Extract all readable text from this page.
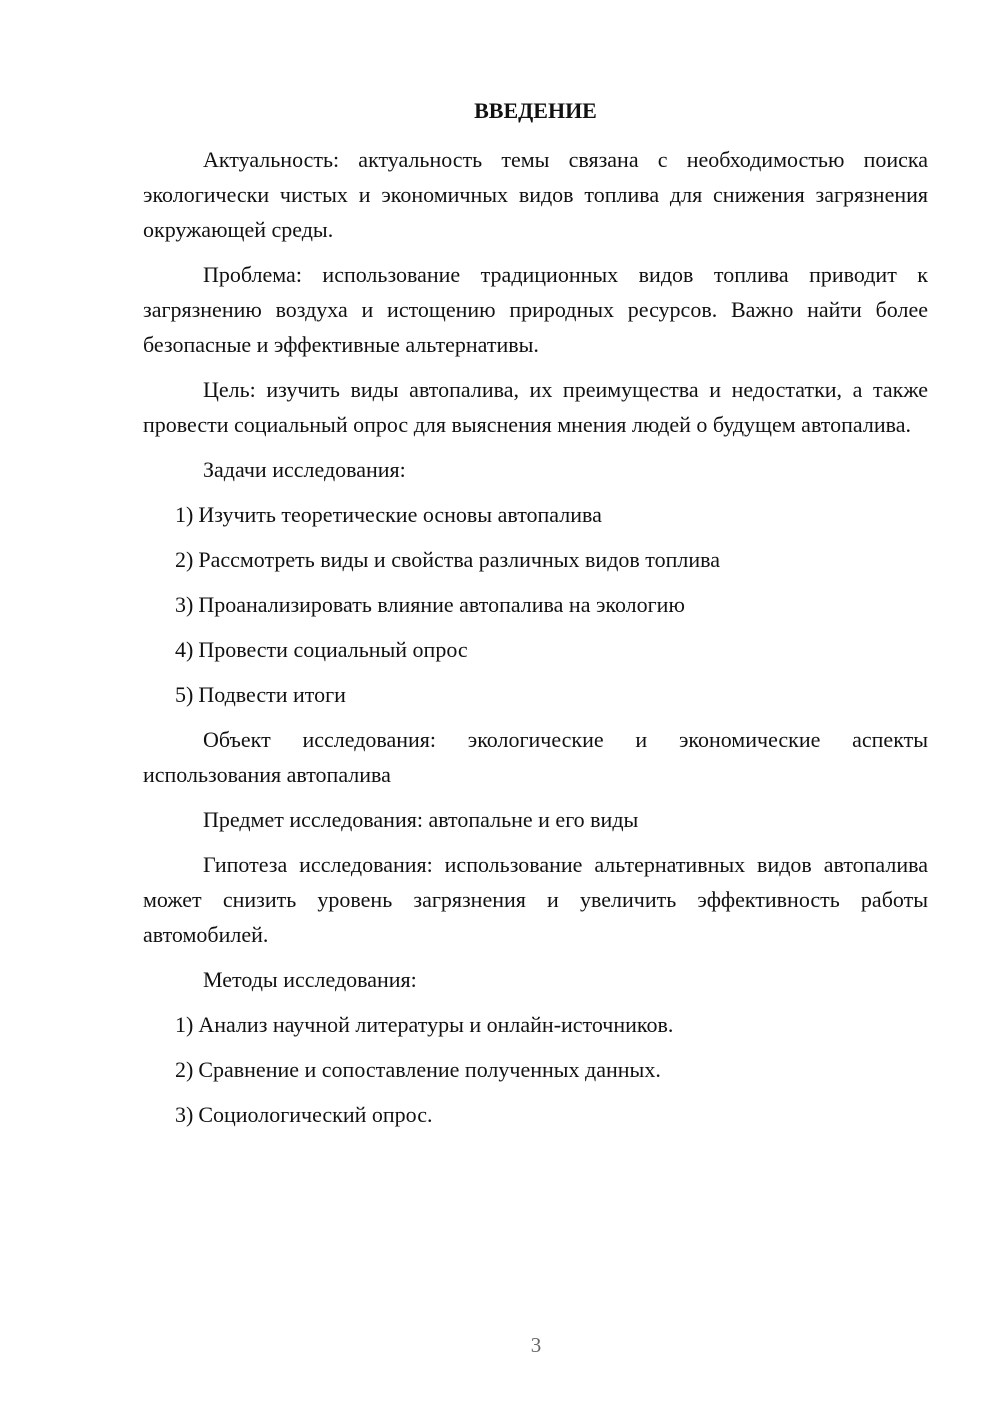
ВВЕДЕНИЕ

Актуальность: актуальность темы связана с необходимостью поиска экологически чистых и экономичных видов топлива для снижения загрязнения окружающей среды.

Проблема: использование традиционных видов топлива приводит к загрязнению воздуха и истощению природных ресурсов. Важно найти более безопасные и эффективные альтернативы.

Цель: изучить виды автопалива, их преимущества и недостатки, а также провести социальный опрос для выяснения мнения людей о будущем автопалива.

Задачи исследования:

1) Изучить теоретические основы автопалива
2) Рассмотреть виды и свойства различных видов топлива
3) Проанализировать влияние автопалива на экологию
4) Провести социальный опрос
5) Подвести итоги

Объект исследования: экологические и экономические аспекты использования автопалива

Предмет исследования: автопальне и его виды

Гипотеза исследования: использование альтернативных видов автопалива может снизить уровень загрязнения и увеличить эффективность работы автомобилей.

Методы исследования:

1) Анализ научной литературы и онлайн-источников.
2) Сравнение и сопоставление полученных данных.
3) Социологический опрос.
3
